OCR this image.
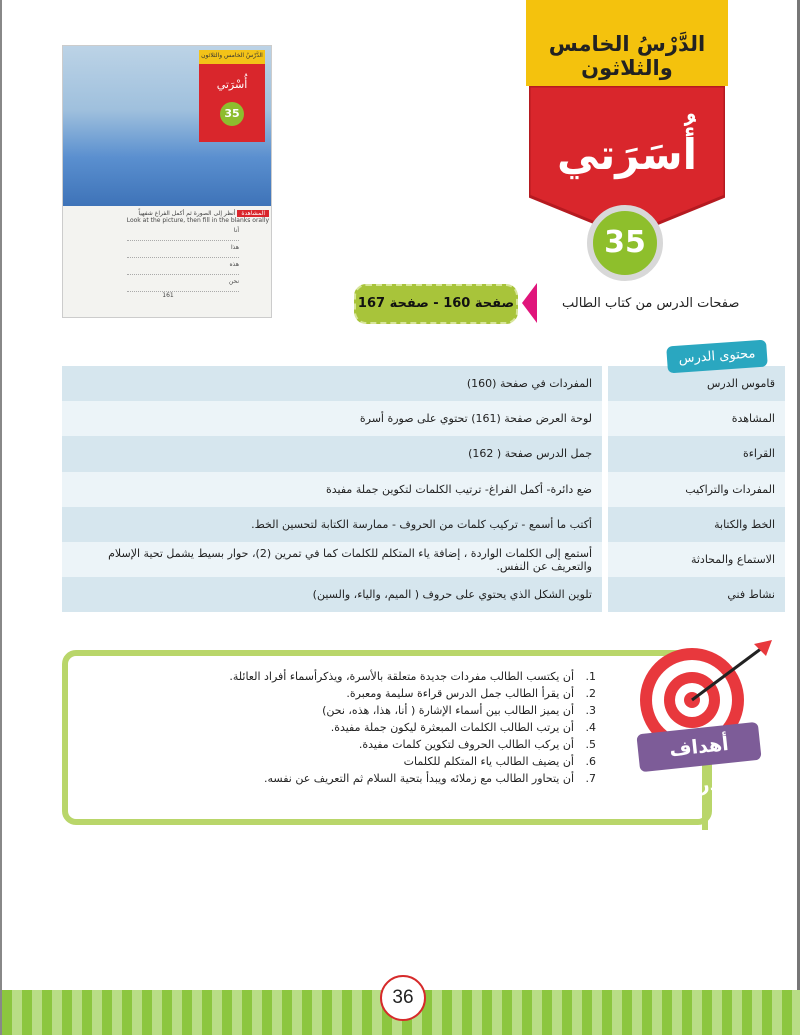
أُسْرَتي
الدَّرْسُ الخامس والثلاثون
35
المشاهدة أنظر إلى الصورة ثم أكمل الفراغ شفهياً
Look at the picture, then fill in the blanks orally
أنا
هذا
هذه
نحن
161
الدَّرْسُ الخامس والثلاثون
أُسَرَتي
35
صفحات الدرس من كتاب الطالب
صفحة 160 - صفحة 167
محتوى الدرس
قاموس الدرس	المفردات في صفحة (160)
المشاهدة	لوحة العرض صفحة (161) تحتوي على صورة أسرة
القراءة	جمل الدرس صفحة ( 162)
المفردات والتراكيب	ضع دائرة- أكمل الفراغ- ترتيب الكلمات لتكوين جملة مفيدة
الخط والكتابة	أكتب ما أسمع - تركيب كلمات من الحروف - ممارسة الكتابة لتحسين الخط.
الاستماع والمحادثة	أستمع إلى الكلمات الواردة ، إضافة ياء المتكلم للكلمات كما في تمرين (2)، حوار بسيط يشمل تحية الإسلام والتعريف عن النفس.
نشاط فني	تلوين الشكل الذي يحتوي على حروف ( الميم، والياء، والسين)
1.أن يكتسب الطالب مفردات جديدة متعلقة بالأسرة، ويذكرأسماء أفراد العائلة.
2.أن يقرأ الطالب جمل الدرس قراءة سليمة ومعبرة.
3.أن يميز الطالب بين أسماء الإشارة ( أنا، هذا، هذه، نحن)
4.أن يرتب الطالب الكلمات المبعثرة ليكون جملة مفيدة.
5.أن يركب الطالب الحروف لتكوين كلمات مفيدة.
6.أن يضيف الطالب ياء المتكلم للكلمات
7.أن يتحاور الطالب مع زملائه ويبدأ بتحية السلام ثم التعريف عن نفسه.
أهداف الدرس
36
